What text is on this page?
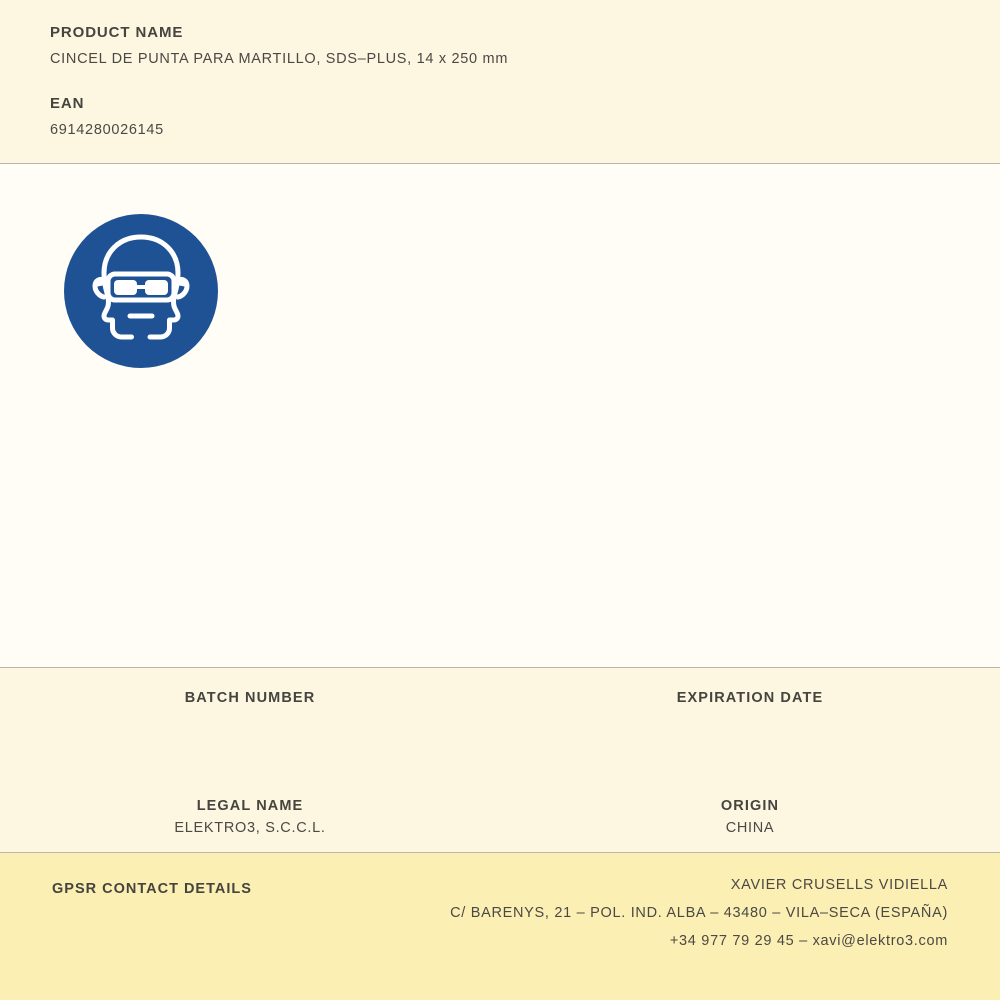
PRODUCT NAME

CINCEL DE PUNTA PARA MARTILLO, SDS–PLUS, 14 x 250 mm

EAN

6914280026145

BATCH NUMBER	EXPIRATION DATE

LEGAL NAME

ELEKTRO3, S.C.C.L.

ORIGIN

CHINA

GPSR CONTACT DETAILS	XAVIER CRUSELLS VIDIELLA
C/ BARENYS, 21 – POL. IND. ALBA – 43480 – VILA–SECA (ESPAÑA)
+34 977 79 29 45 – xavi@elektro3.com
